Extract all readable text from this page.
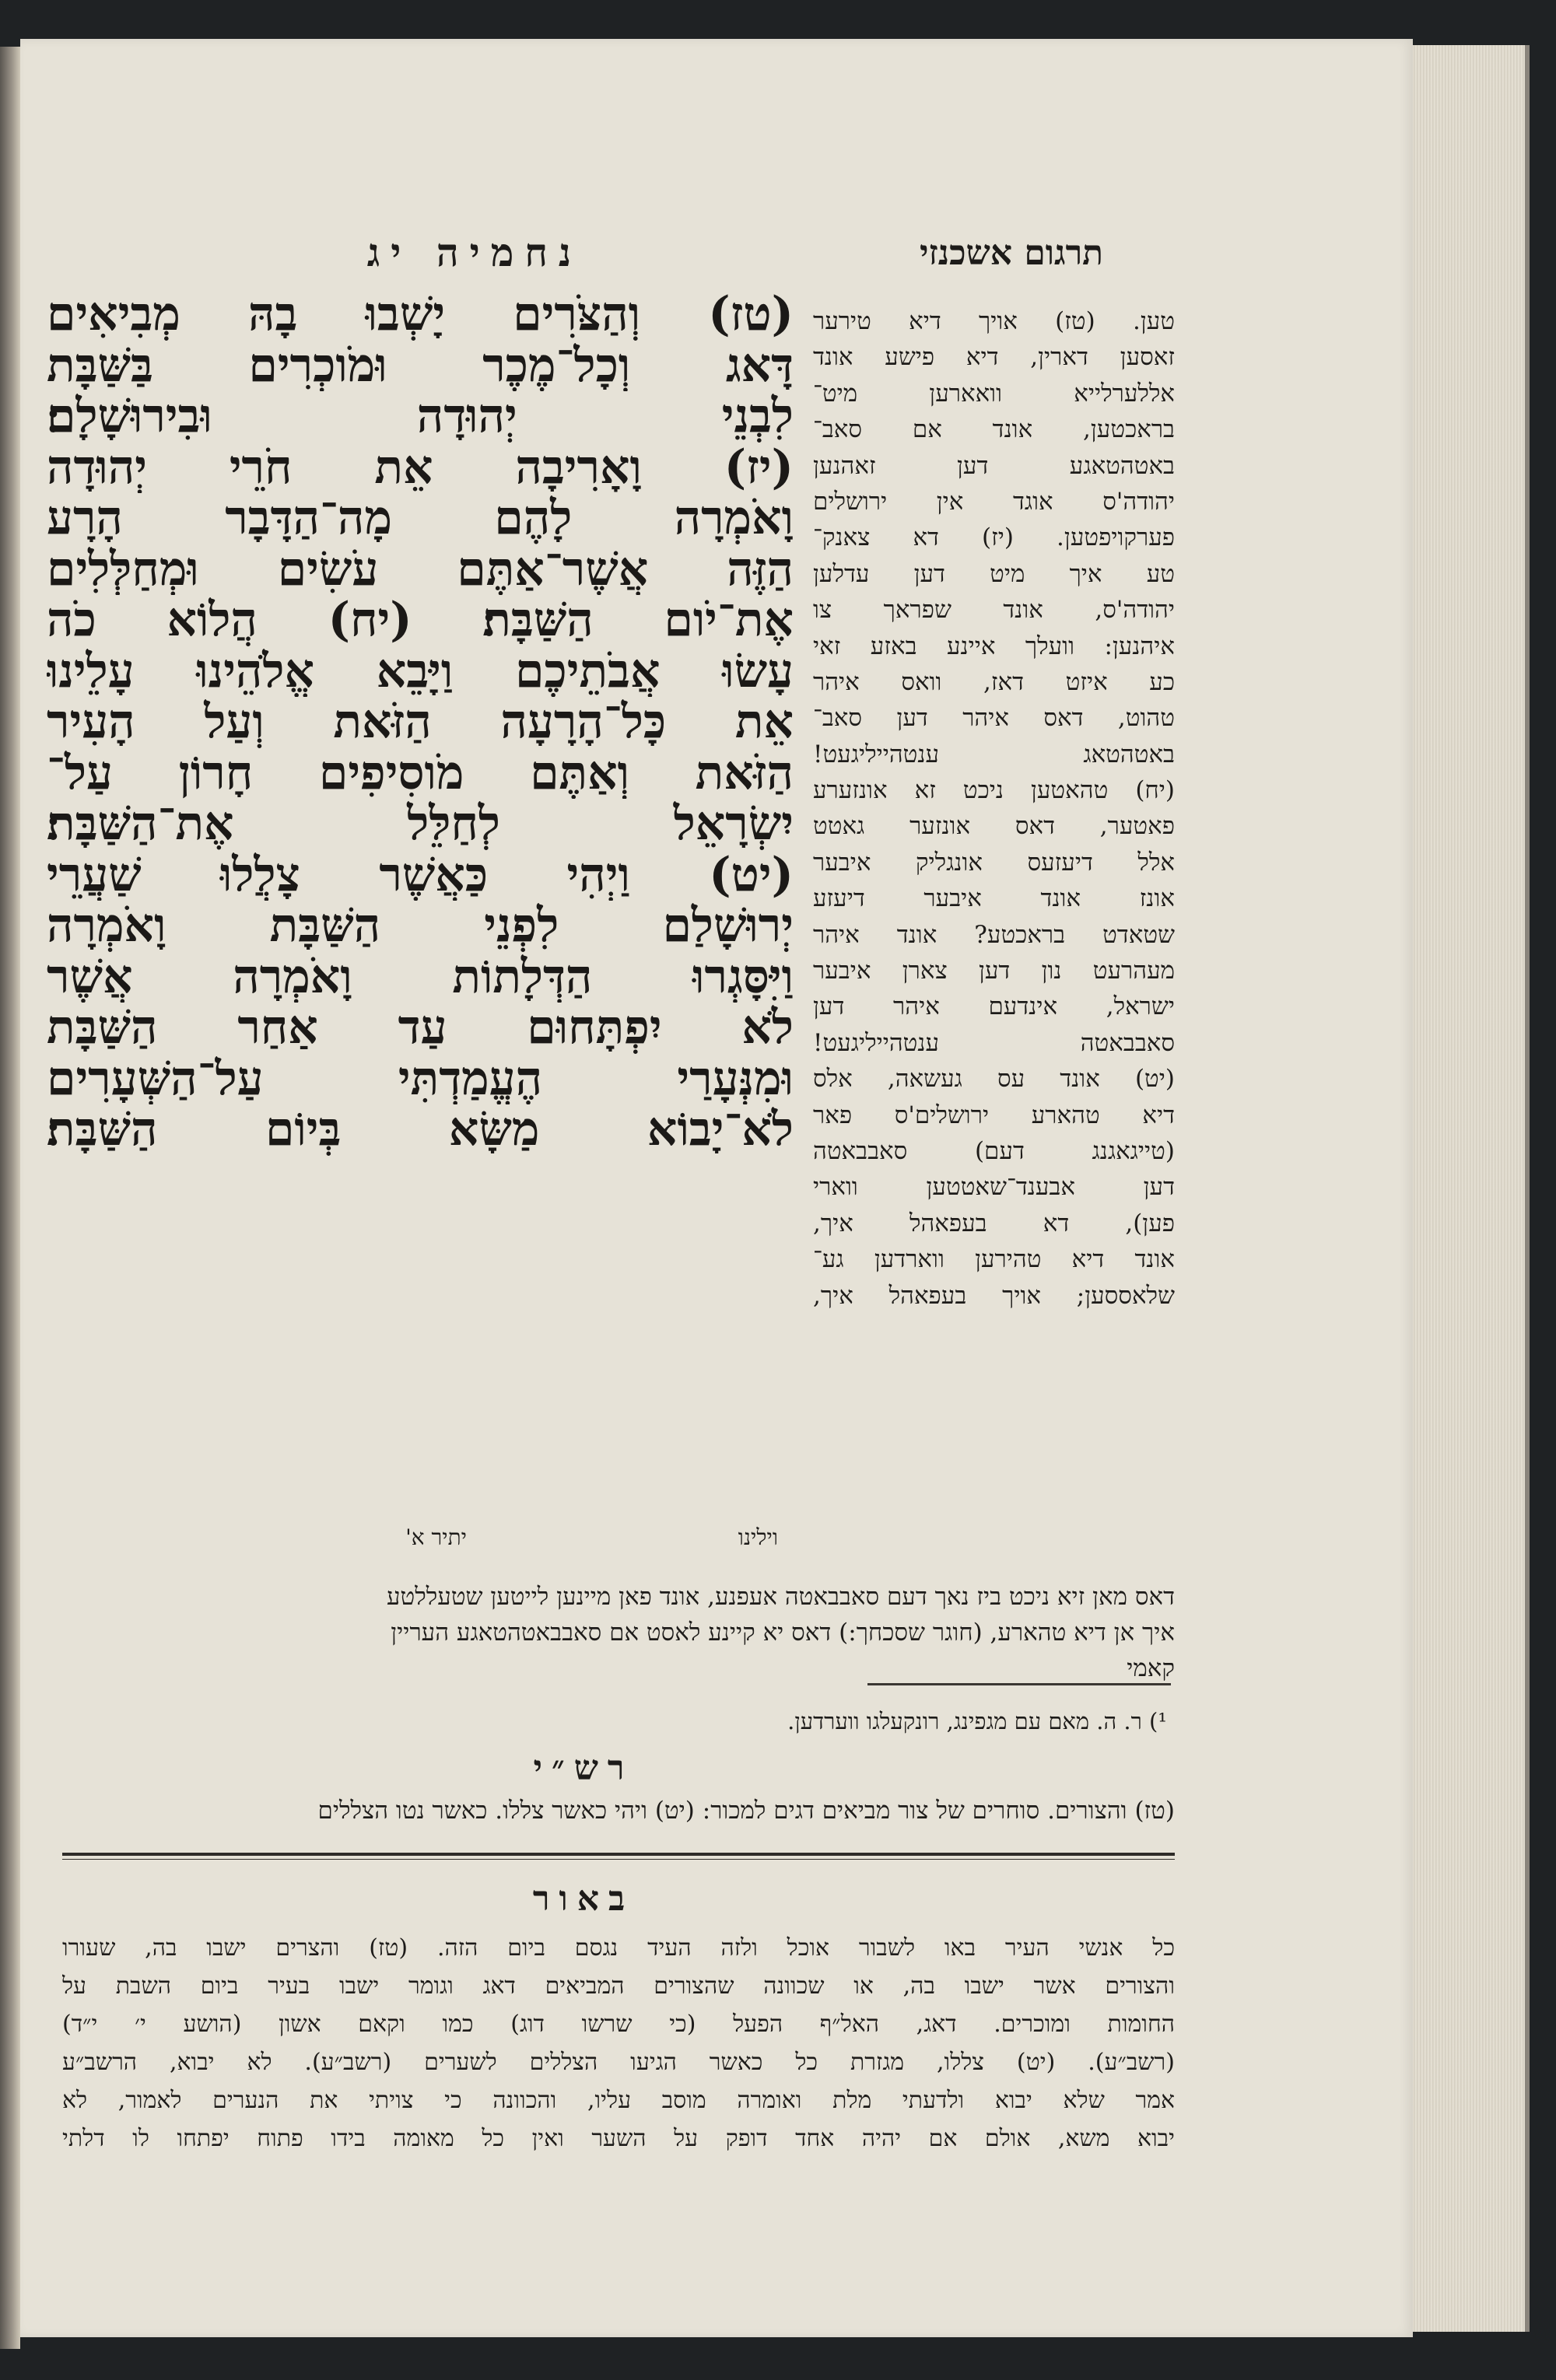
נחמיה יג	תרגום אשכנזי
(טז) וְהַצֹּרִים יָשְׁבוּ בָהּ מְבִיאִים
דָּאג וְכָל־מֶכֶר וּמֹוכְרִים בַּשַּׁבָּת
לִבְנֵי יְהוּדָה וּבִירוּשָׁלָם׃
(יז) וָאָרִיבָה אֵת חֹרֵי יְהוּדָה
וָאֹמְרָה לָהֶם מָה־הַדָּבָר הָרָע
הַזֶּה אֲשֶׁר־אַתֶּם עֹשִׂים וּמְחַלְּלִים
אֶת־יֹום הַשַּׁבָּת׃ (יח) הֲלוֹא כֹה
עָשׂוּ אֲבֹתֵיכֶם וַיָּבֵא אֱלֹהֵינוּ עָלֵינוּ
אֵת כָּל־הָרָעָה הַזֹּאת וְעַל הָעִיר
הַזֹּאת וְאַתֶּם מֹוסִיפִים חָרוֹן עַל־
יִשְׂרָאֵל לְחַלֵּל אֶת־הַשַּׁבָּת׃
(יט) וַיְהִי כַּאֲשֶׁר צָלֲלוּ שַׁעֲרֵי
יְרוּשָׁלַם לִפְנֵי הַשַּׁבָּת וָאֹמְרָה
וַיִּסָּגְרוּ הַדְּלָתוֹת וָאֹמְרָה אֲשֶׁר
לֹא יִפְתָּחוּם עַד אַחַר הַשַּׁבָּת
וּמִנְּעָרַי הֶעֱמַדְתִּי עַל־הַשְּׁעָרִים
לֹא־יָבוֹא מַשָּׂא בְּיוֹם הַשַּׁבָּת׃
טען. (טז) אויך דיא טירער
זאסען דארין, דיא פישע אונד
אללערלייא וואארען מיט־
בראכטען, אונד אם סאב־
באטהטאגע דען זאהנען
יהודה'ס אוגד אין ירושלים
פערקויפטען. (יז) דא צאנק־
טע איך מיט דען עדלען
יהודה'ס, אונד שפראך צו
איהנען: וועלך איינע באזע זאי
כע איזט דאז, וואס איהר
טהוט, דאס איהר דען סאב־
באטהטאג ענטהייליגעט!
(יח) טהאטען ניכט זא אונזערע
פאטער, דאס אונזער גאטט
אלל דיעזעס אונגליק איבער
אונז אונד איבער דיעזע
שטאדט בראכטע? אונד איהר
מעהרעט נון דען צארן איבער
ישראל, אינדעם איהר דען
סאבבאטה ענטהייליגעט!
(יט) אונד עס געשאה, אלס
דיא טהארע ירושלים'ס פאר
(טייגאגנג דעם) סאבבאטה
דען אבענד־שאטטען ווארי
פען), דא בעפאהל איך,
אונד דיא טהירען ווארדען גע־
שלאססען; אויך בעפאהל איך,
וילינו
יתיר א'
דאס מאן זיא ניכט ביז נאך דעם סאבבאטה אעפנע, אונד פאן מיינען לייטען שטעללטע
איך אן דיא טהארע, (חוגר שסכחך:) דאס יא קיינע לאסט אם סאבבאטהטאגע העריין
קאמי
¹) ר. ה. מאם עם מגפינג, רונקעלגו ווערדען.
רש״י
(טז) והצורים. סוחרים של צור מביאים דגים למכור: (יט) ויהי כאשר צללו. כאשר נטו הצללים
באור
כל אנשי העיר באו לשבור אוכל ולזה העיד נגסם ביום הזה. (טז) והצרים ישבו בה, שעורו
והצורים אשר ישבו בה, או שכוונה שהצורים המביאים דאג וגומר ישבו בעיר ביום השבת על
החומות ומוכרים. דאג, האל״ף הפעל (כי שרשו דוג) כמו וקאם אשון (הושע י׳ י״ד)
(רשב״ע). (יט) צללו, מגזרת כל כאשר הגיעו הצללים לשערים (רשב״ע). לא יבוא, הרשב״ע
אמר שלא יבוא ולדעתי מלת ואומרה מוסב עליו, והכוונה כי צויתי את הנערים לאמור, לא
יבוא משא, אולם אם יהיה אחד דופק על השער ואין כל מאומה בידו פתוח יפתחו לו דלתי
